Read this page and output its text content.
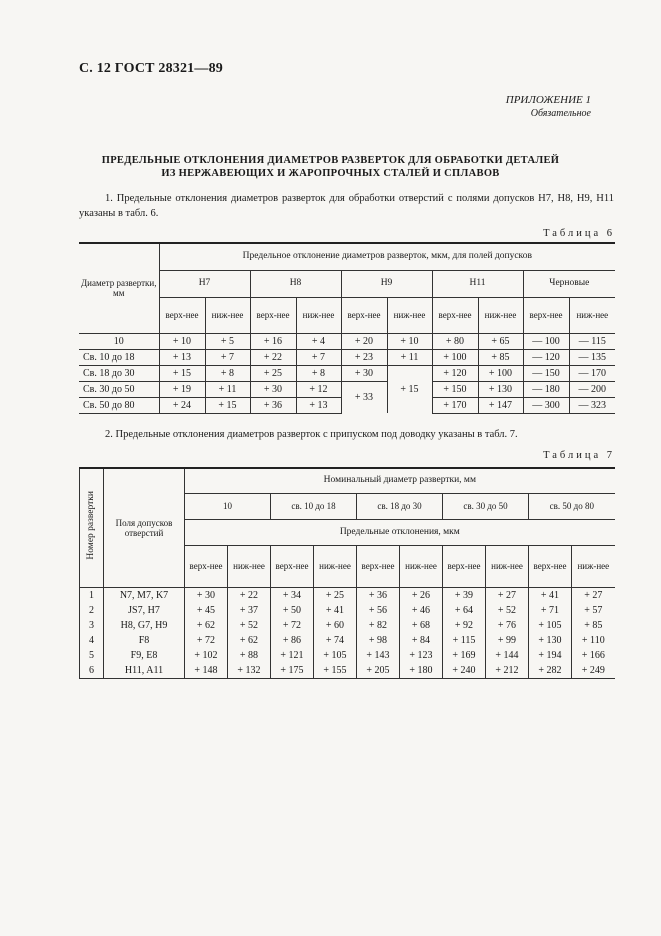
С. 12 ГОСТ 28321—89
ПРИЛОЖЕНИЕ 1
Обязательное
ПРЕДЕЛЬНЫЕ ОТКЛОНЕНИЯ ДИАМЕТРОВ РАЗВЕРТОК ДЛЯ ОБРАБОТКИ ДЕТАЛЕЙ
ИЗ НЕРЖАВЕЮЩИХ И ЖАРОПРОЧНЫХ СТАЛЕЙ И СПЛАВОВ
1. Предельные отклонения диаметров разверток для обработки отверстий с полями допусков Н7, Н8, Н9, Н11 указаны в табл. 6.
Таблица 6
Диаметр развертки, мм	Предельное отклонение диаметров разверток, мкм, для полей допусков									
	Н7		Н8		Н9		Н11		Черновые	
	верх-нее	ниж-нее	верх-нее	ниж-нее	верх-нее	ниж-нее	верх-нее	ниж-нее	верх-нее	ниж-нее
10	+ 10	+ 5	+ 16	+ 4	+ 20	+ 10	+ 80	+ 65	— 100	— 115
Св. 10 до 18	+ 13	+ 7	+ 22	+ 7	+ 23	+ 11	+ 100	+ 85	— 120	— 135
Св. 18 до 30	+ 15	+ 8	+ 25	+ 8	+ 30	+ 15	+ 120	+ 100	— 150	— 170
Св. 30 до 50	+ 19	+ 11	+ 30	+ 12	+ 33		+ 150	+ 130	— 180	— 200
Св. 50 до 80	+ 24	+ 15	+ 36	+ 13			+ 170	+ 147	— 300	— 323
2. Предельные отклонения диаметров разверток с припуском под доводку указаны в табл. 7.
Таблица 7
Номер развертки	Поля допусков отверстий	Номинальный диаметр развертки, мм									
		10		св. 10 до 18		св. 18 до 30		св. 30 до 50		св. 50 до 80	
		Предельные отклонения, мкм									
		верх-нее	ниж-нее	верх-нее	ниж-нее	верх-нее	ниж-нее	верх-нее	ниж-нее	верх-нее	ниж-нее
1	N7, M7, K7	+ 30	+ 22	+ 34	+ 25	+ 36	+ 26	+ 39	+ 27	+ 41	+ 27
2	JS7, H7	+ 45	+ 37	+ 50	+ 41	+ 56	+ 46	+ 64	+ 52	+ 71	+ 57
3	H8, G7, H9	+ 62	+ 52	+ 72	+ 60	+ 82	+ 68	+ 92	+ 76	+ 105	+ 85
4	F8	+ 72	+ 62	+ 86	+ 74	+ 98	+ 84	+ 115	+ 99	+ 130	+ 110
5	F9, E8	+ 102	+ 88	+ 121	+ 105	+ 143	+ 123	+ 169	+ 144	+ 194	+ 166
6	H11, A11	+ 148	+ 132	+ 175	+ 155	+ 205	+ 180	+ 240	+ 212	+ 282	+ 249
